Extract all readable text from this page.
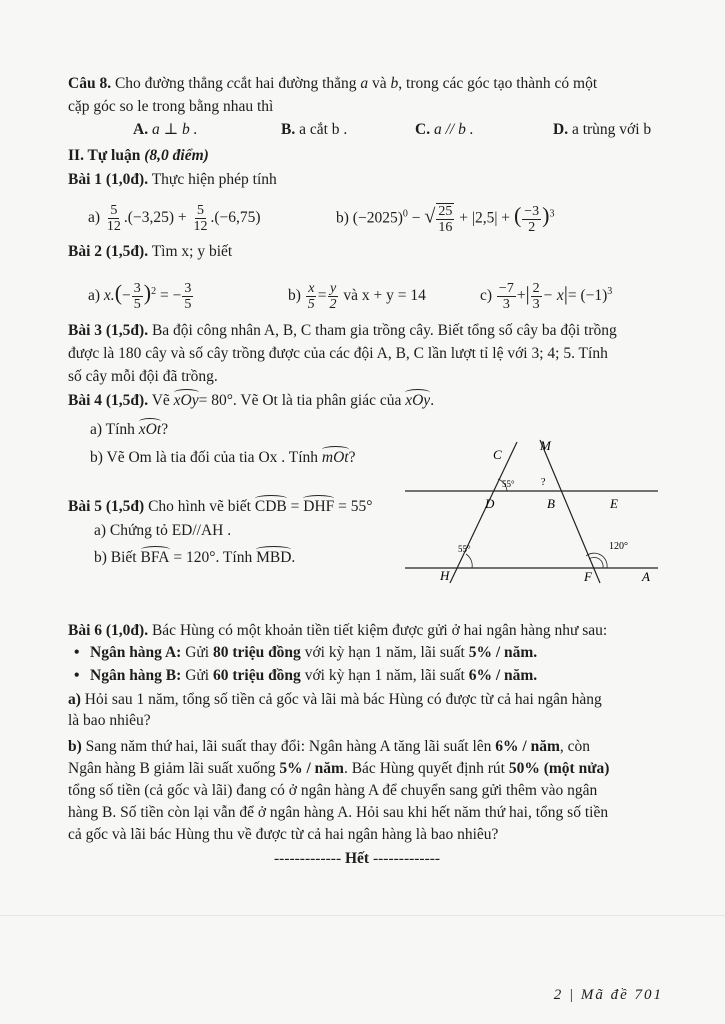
Câu 8. Cho đường thẳng ccắt hai đường thẳng a và b, trong các góc tạo thành có một
cặp góc so le trong bằng nhau thì
A. a ⊥ b .	B. a cắt b .	C. a // b .	D. a trùng với b
II. Tự luận (8,0 điểm)
Bài 1 (1,0đ). Thực hiện phép tính
$a) \frac{5}{12} .(-3,25) + \frac{5}{12} .(-6,75)$	b) $(-2025)^0$ − √ $\frac{25}{16} + |2,5|$ + ( $\frac{-3}{2} )^3$
Bài 2 (1,5đ). Tìm x; y biết
a) $x.(- \frac{3}{5} )^2$ = − $\frac{3}{5}$	$b) \frac{x}{5} = \frac{y}{2}$ và x + y = 14	$c) \frac{-7}{3}$ +| $\frac{2}{3} - x|= (-1)^3$
Bài 3 (1,5đ). Ba đội công nhân A, B, C tham gia trồng cây. Biết tổng số cây ba đội trồng
được là 180 cây và số cây trồng được của các đội A, B, C lần lượt tỉ lệ với 3; 4; 5. Tính
số cây mỗi đội đã trồng.
Bài 4 (1,5đ). Vẽ xOy= 80°. Vẽ Ot là tia phân giác của xOy.
a) Tính xOt?
b) Vẽ Om là tia đối của tia Ox . Tính mOt?
Bài 5 (1,5đ) Cho hình vẽ biết CDB = DHF = 55°
a) Chứng tỏ ED//AH .
b) Biết BFA = 120°. Tính MBD.
C
M
D	B	E
H	F	A
55°	?
55°	120°
Bài 6 (1,0đ). Bác Hùng có một khoản tiền tiết kiệm được gửi ở hai ngân hàng như sau:
• Ngân hàng A: Gửi 80 triệu đồng với kỳ hạn 1 năm, lãi suất 5% / năm.
• Ngân hàng B: Gửi 60 triệu đồng với kỳ hạn 1 năm, lãi suất 6% / năm.
a) Hỏi sau 1 năm, tổng số tiền cả gốc và lãi mà bác Hùng có được từ cả hai ngân hàng
là bao nhiêu?
b) Sang năm thứ hai, lãi suất thay đổi: Ngân hàng A tăng lãi suất lên 6% / năm, còn
Ngân hàng B giảm lãi suất xuống 5% / năm. Bác Hùng quyết định rút 50% (một nửa)
tổng số tiền (cả gốc và lãi) đang có ở ngân hàng A để chuyển sang gửi thêm vào ngân
hàng B. Số tiền còn lại vẫn để ở ngân hàng A. Hỏi sau khi hết năm thứ hai, tổng số tiền
cả gốc và lãi bác Hùng thu về được từ cả hai ngân hàng là bao nhiêu?
------------- Hết -------------
2 | Mã đề 701
